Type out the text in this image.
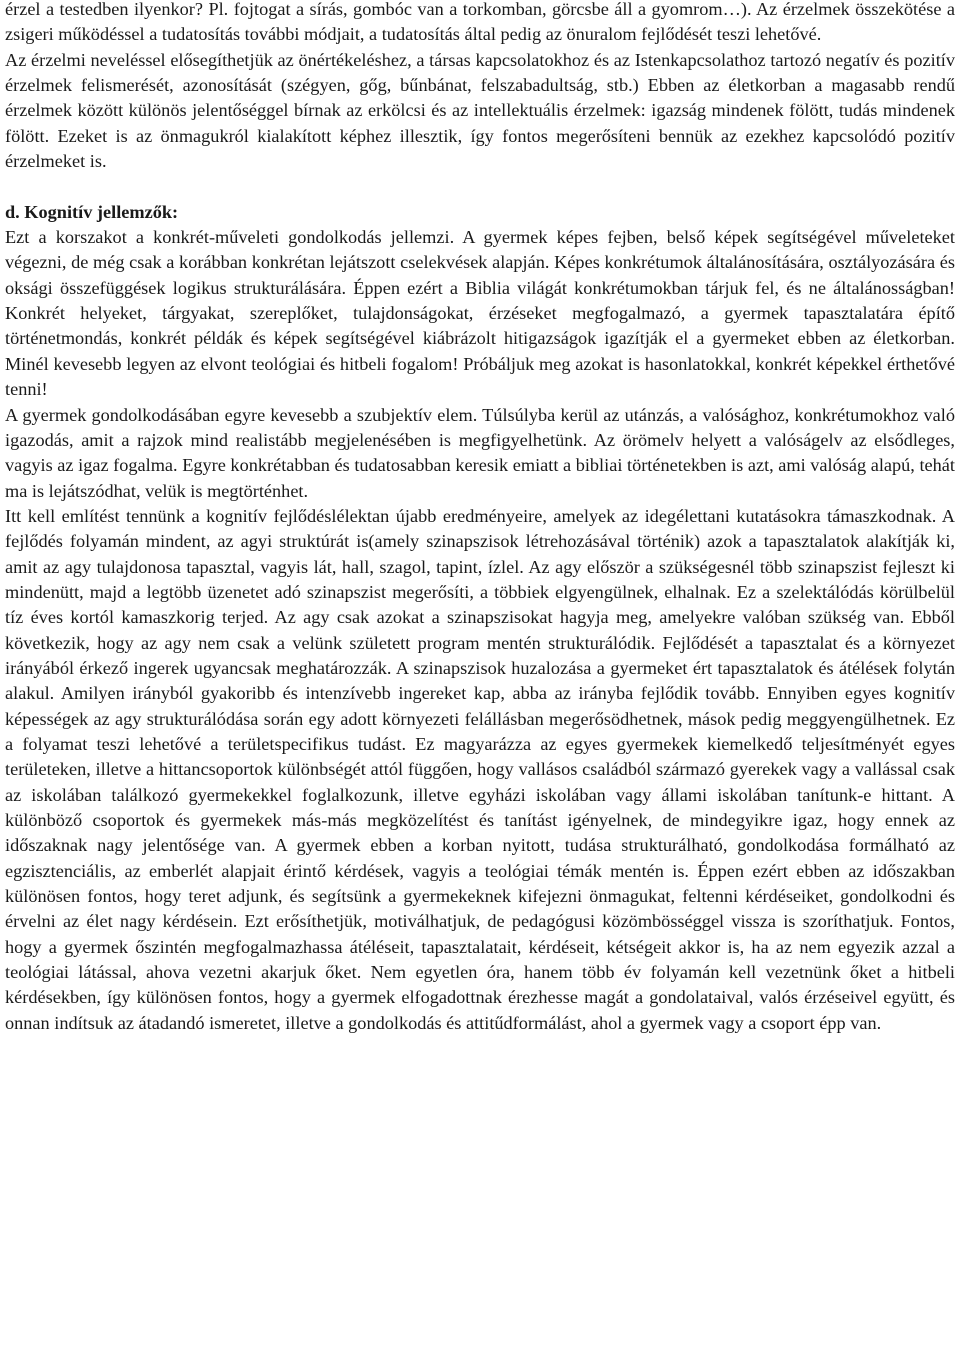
érzel a testedben ilyenkor? Pl. fojtogat a sírás, gombóc van a torkomban, görcsbe áll a gyomrom…). Az érzelmek összekötése a zsigeri működéssel a tudatosítás további módjait, a tudatosítás által pedig az önuralom fejlődését teszi lehetővé.

Az érzelmi neveléssel elősegíthetjük az önértékeléshez, a társas kapcsolatokhoz és az Istenkapcsolathoz tartozó negatív és pozitív érzelmek felismerését, azonosítását (szégyen, gőg, bűnbánat, felszabadultság, stb.) Ebben az életkorban a magasabb rendű érzelmek között különös jelentőséggel bírnak az erkölcsi és az intellektuális érzelmek: igazság mindenek fölött, tudás mindenek fölött. Ezeket is az önmagukról kialakított képhez illesztik, így fontos megerősíteni bennük az ezekhez kapcsolódó pozitív érzelmeket is.

d. Kognitív jellemzők:

Ezt a korszakot a konkrét-műveleti gondolkodás jellemzi. A gyermek képes fejben, belső képek segítségével műveleteket végezni, de még csak a korábban konkrétan lejátszott cselekvések alapján. Képes konkrétumok általánosítására, osztályozására és oksági összefüggések logikus strukturálására. Éppen ezért a Biblia világát konkrétumokban tárjuk fel, és ne általánosságban! Konkrét helyeket, tárgyakat, szereplőket, tulajdonságokat, érzéseket megfogalmazó, a gyermek tapasztalatára építő történetmondás, konkrét példák és képek segítségével kiábrázolt hitigazságok igazítják el a gyermeket ebben az életkorban. Minél kevesebb legyen az elvont teológiai és hitbeli fogalom! Próbáljuk meg azokat is hasonlatokkal, konkrét képekkel érthetővé tenni!

A gyermek gondolkodásában egyre kevesebb a szubjektív elem. Túlsúlyba kerül az utánzás, a valósághoz, konkrétumokhoz való igazodás, amit a rajzok mind realistább megjelenésében is megfigyelhetünk. Az örömelv helyett a valóságelv az elsődleges, vagyis az igaz fogalma. Egyre konkrétabban és tudatosabban keresik emiatt a bibliai történetekben is azt, ami valóság alapú, tehát ma is lejátszódhat, velük is megtörténhet.

Itt kell említést tennünk a kognitív fejlődéslélektan újabb eredményeire, amelyek az idegélettani kutatásokra támaszkodnak. A fejlődés folyamán mindent, az agyi struktúrát is(amely szinapszisok létrehozásával történik) azok a tapasztalatok alakítják ki, amit az agy tulajdonosa tapasztal, vagyis lát, hall, szagol, tapint, ízlel. Az agy először a szükségesnél több szinapszist fejleszt ki mindenütt, majd a legtöbb üzenetet adó szinapszist megerősíti, a többiek elgyengülnek, elhalnak. Ez a szelektálódás körülbelül tíz éves kortól kamaszkorig terjed. Az agy csak azokat a szinapszisokat hagyja meg, amelyekre valóban szükség van. Ebből következik, hogy az agy nem csak a velünk született program mentén strukturálódik. Fejlődését a tapasztalat és a környezet irányából érkező ingerek ugyancsak meghatározzák. A szinapszisok huzalozása a gyermeket ért tapasztalatok és átélések folytán alakul. Amilyen irányból gyakoribb és intenzívebb ingereket kap, abba az irányba fejlődik tovább. Ennyiben egyes kognitív képességek az agy strukturálódása során egy adott környezeti felállásban megerősödhetnek, mások pedig meggyengülhetnek. Ez a folyamat teszi lehetővé a területspecifikus tudást. Ez magyarázza az egyes gyermekek kiemelkedő teljesítményét egyes területeken, illetve a hittancsoportok különbségét attól függően, hogy vallásos családból származó gyerekek vagy a vallással csak az iskolában találkozó gyermekekkel foglalkozunk, illetve egyházi iskolában vagy állami iskolában tanítunk-e hittant. A különböző csoportok és gyermekek más-más megközelítést és tanítást igényelnek, de mindegyikre igaz, hogy ennek az időszaknak nagy jelentősége van. A gyermek ebben a korban nyitott, tudása strukturálható, gondolkodása formálható az egzisztenciális, az emberlét alapjait érintő kérdések, vagyis a teológiai témák mentén is. Éppen ezért ebben az időszakban különösen fontos, hogy teret adjunk, és segítsünk a gyermekeknek kifejezni önmagukat, feltenni kérdéseiket, gondolkodni és érvelni az élet nagy kérdésein. Ezt erősíthetjük, motiválhatjuk, de pedagógusi közömbösséggel vissza is szoríthatjuk. Fontos, hogy a gyermek őszintén megfogalmazhassa átéléseit, tapasztalatait, kérdéseit, kétségeit akkor is, ha az nem egyezik azzal a teológiai látással, ahova vezetni akarjuk őket. Nem egyetlen óra, hanem több év folyamán kell vezetnünk őket a hitbeli kérdésekben, így különösen fontos, hogy a gyermek elfogadottnak érezhesse magát a gondolataival, valós érzéseivel együtt, és onnan indítsuk az átadandó ismeretet, illetve a gondolkodás és attitűdformálást, ahol a gyermek vagy a csoport épp van.
